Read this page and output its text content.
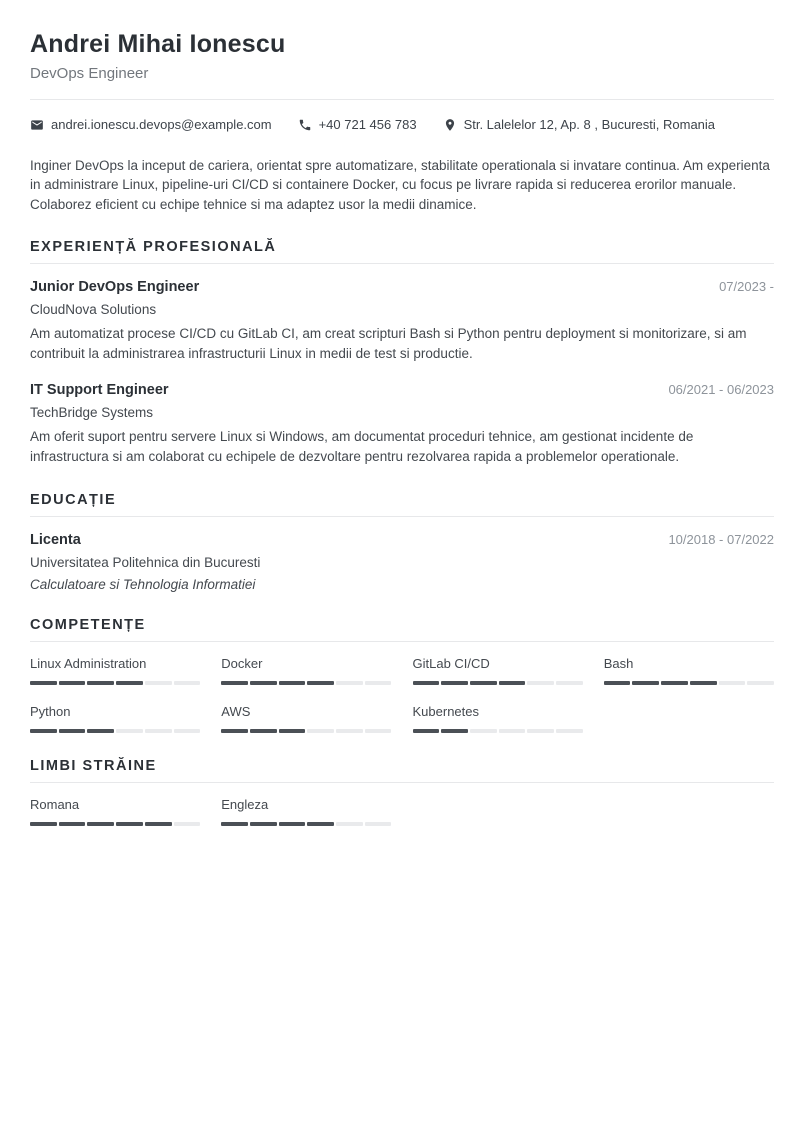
Andrei Mihai Ionescu
DevOps Engineer
andrei.ionescu.devops@example.com	+40 721 456 783	Str. Lalelelor 12, Ap. 8 , Bucuresti, Romania

Inginer DevOps la inceput de cariera, orientat spre automatizare, stabilitate operationala si invatare continua. Am experienta in administrare Linux, pipeline-uri CI/CD si containere Docker, cu focus pe livrare rapida si reducerea erorilor manuale. Colaborez eficient cu echipe tehnice si ma adaptez usor la medii dinamice.

EXPERIENȚĂ PROFESIONALĂ
Junior DevOps Engineer	07/2023 -
CloudNova Solutions

Am automatizat procese CI/CD cu GitLab CI, am creat scripturi Bash si Python pentru deployment si monitorizare, si am contribuit la administrarea infrastructurii Linux in medii de test si productie.

IT Support Engineer	06/2021 - 06/2023
TechBridge Systems

Am oferit suport pentru servere Linux si Windows, am documentat proceduri tehnice, am gestionat incidente de infrastructura si am colaborat cu echipele de dezvoltare pentru rezolvarea rapida a problemelor operationale.

EDUCAȚIE
Licenta	10/2018 - 07/2022
Universitatea Politehnica din Bucuresti
Calculatoare si Tehnologia Informatiei
COMPETENȚE
Linux Administration	Docker	GitLab CI/CD	Bash
Python	AWS	Kubernetes
LIMBI STRĂINE
Romana	Engleza
